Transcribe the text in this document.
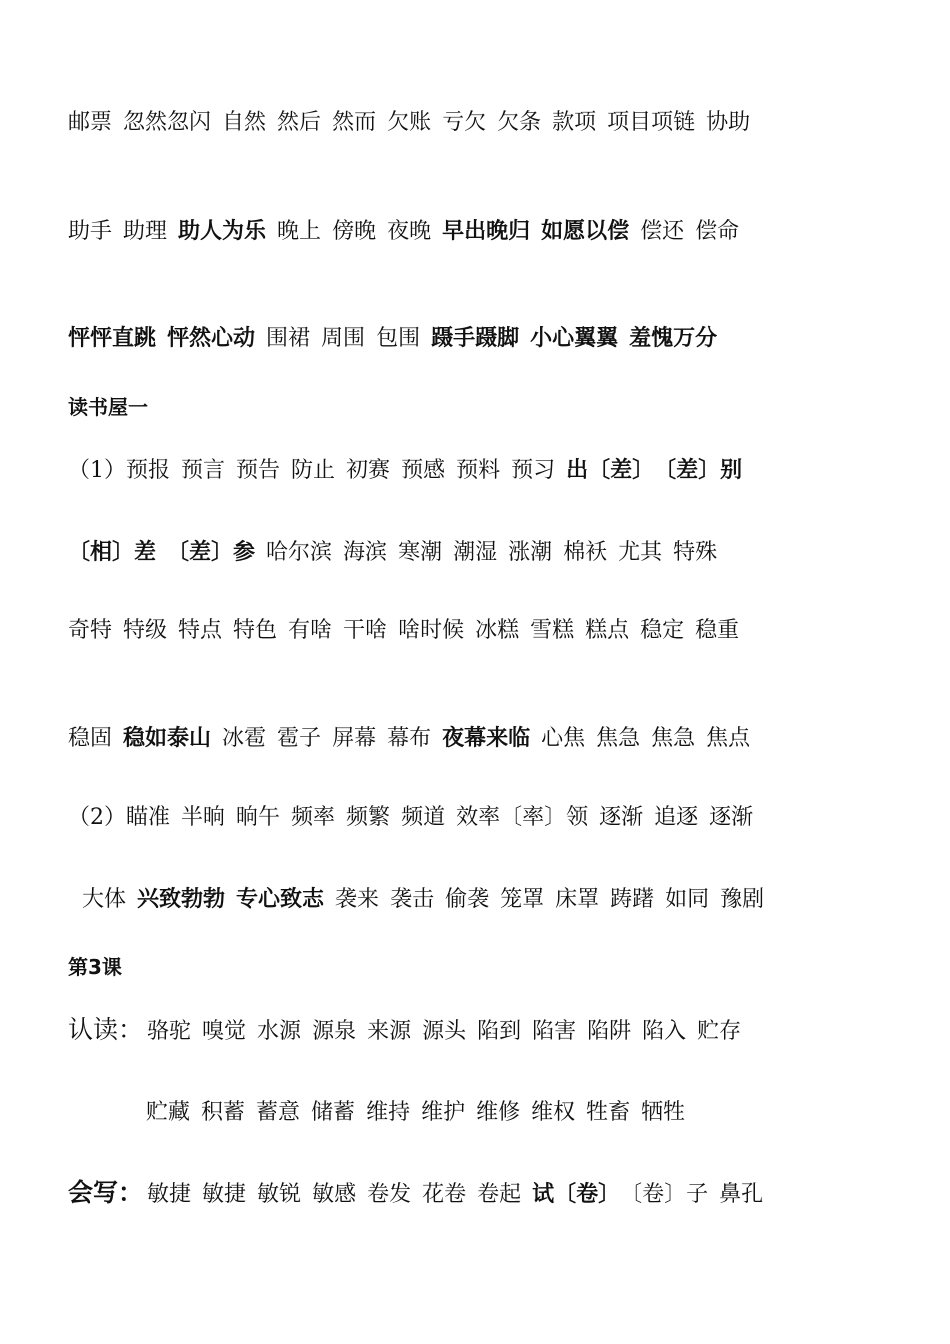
邮票 忽然忽闪 自然 然后 然而 欠账 亏欠 欠条 款项 项目项链 协助
助手 助理 助人为乐 晚上 傍晚 夜晚 早出晚归 如愿以偿 偿还 偿命
怦怦直跳 怦然心动 围裙 周围 包围 蹑手蹑脚 小心翼翼 羞愧万分
读书屋一
（1）预报 预言 预告 防止 初赛 预感 预料 预习 出〔差〕 〔差〕别
〔相〕差 〔差〕参 哈尔滨 海滨 寒潮 潮湿 涨潮 棉袄 尤其 特殊
奇特 特级 特点 特色 有啥 干啥 啥时候 冰糕 雪糕 糕点 稳定 稳重
稳固 稳如泰山 冰雹 雹子 屏幕 幕布 夜幕来临 心焦 焦急 焦急 焦点
（2）瞄准 半晌 晌午 频率 频繁 频道 效率〔率〕领 逐渐 追逐 逐渐
大体 兴致勃勃 专心致志 袭来 袭击 偷袭 笼罩 床罩 踌躇 如同 豫剧
第3课
认读： 骆驼 嗅觉 水源 源泉 来源 源头 陷到 陷害 陷阱 陷入 贮存
贮藏 积蓄 蓄意 储蓄 维持 维护 维修 维权 牲畜 牺牲
会写： 敏捷 敏捷 敏锐 敏感 卷发 花卷 卷起 试〔卷〕 〔卷〕子 鼻孔
